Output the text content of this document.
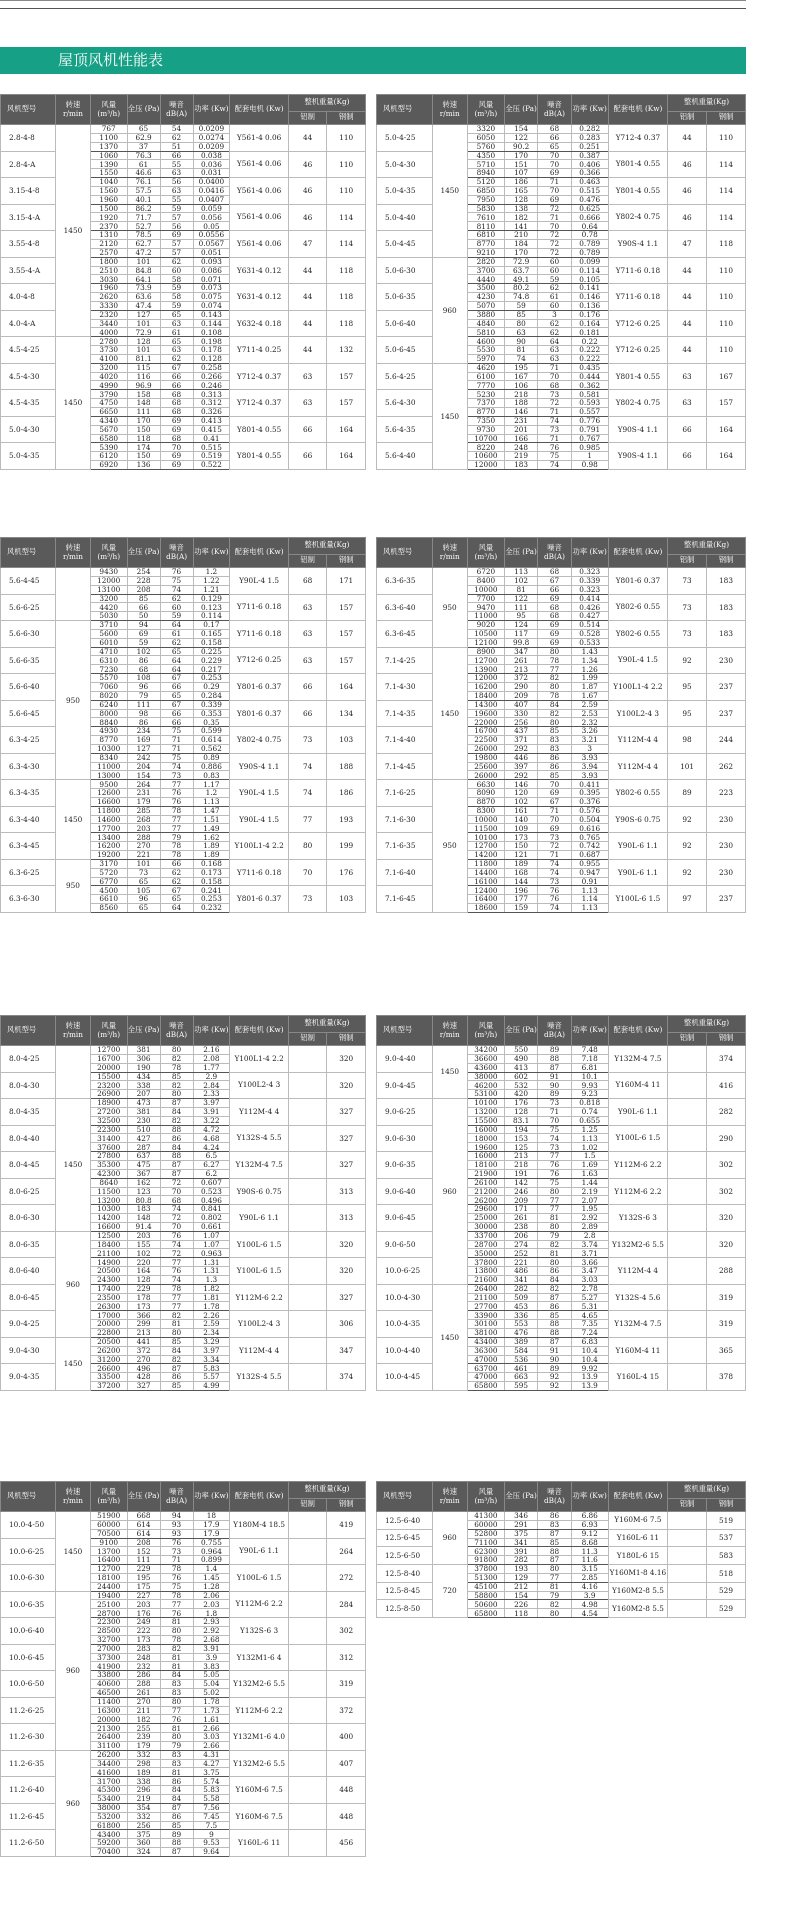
屋顶风机性能表
风机型号	转速 r/min	风量 (m³/h)	全压 (Pa)	噪音 dB(A)	功率 (Kw)	配套电机 (Kw)	整机重量(Kg)	
							铝制	钢制
2.8-4-8	1450	767	65	54	0.0209	Y561-4 0.06	44	110
		1100	62.9	62	0.0274			
		1370	37	51	0.0209			
2.8-4-A		1060	76.3	66	0.038	Y561-4 0.06	46	110
		1390	61	55	0.036			
		1550	46.6	63	0.031			
3.15-4-8		1040	76.1	56	0.0400	Y561-4 0.06	46	110
		1560	57.5	63	0.0416			
		1960	40.1	55	0.0407			
3.15-4-A		1500	86.2	59	0.059	Y561-4 0.06	46	114
		1920	71.7	57	0.056			
		2370	52.7	56	0.05			
3.55-4-8		1310	78.5	69	0.0556	Y561-4 0.06	47	114
		2120	62.7	57	0.0567			
		2570	47.2	57	0.051			
3.55-4-A		1800	101	62	0.093	Y631-4 0.12	44	118
		2510	84.8	60	0.086			
		3030	64.1	58	0.071			
4.0-4-8		1960	73.9	59	0.073	Y631-4 0.12	44	118
		2620	63.6	58	0.075			
		3330	47.4	59	0.074			
4.0-4-A		2320	127	65	0.143	Y632-4 0.18	44	118
		3440	101	63	0.144			
		4000	72.9	61	0.108			
4.5-4-25	1450	2780	128	65	0.198	Y711-4 0.25	44	132
		3730	101	63	0.178			
		4100	81.1	62	0.128			
4.5-4-30		3200	115	67	0.258	Y712-4 0.37	63	157
		4020	116	66	0.266			
		4990	96.9	66	0.246			
4.5-4-35		3790	158	68	0.313	Y712-4 0.37	63	157
		4750	148	68	0.312			
		6650	111	68	0.326			
5.0-4-30		4340	170	69	0.413	Y801-4 0.55	66	164
		5670	150	69	0.415			
		6580	118	68	0.41			
5.0-4-35		5390	174	70	0.515	Y801-4 0.55	66	164
		6120	150	69	0.519			
		6920	136	69	0.522			
风机型号	转速 r/min	风量 (m³/h)	全压 (Pa)	噪音 dB(A)	功率 (Kw)	配套电机 (Kw)	整机重量(Kg)	
							铝制	钢制
5.0-4-25	1450	3320	154	68	0.282	Y712-4 0.37	44	110
		6050	122	66	0.283			
		5760	90.2	65	0.251			
5.0-4-30		4350	170	70	0.387	Y801-4 0.55	46	114
		5710	151	70	0.406			
		8940	107	69	0.366			
5.0-4-35		5120	186	71	0.463	Y801-4 0.55	46	114
		6850	165	70	0.515			
		7950	128	69	0.476			
5.0-4-40		5830	138	72	0.625	Y802-4 0.75	46	114
		7610	182	71	0.666			
		8110	141	70	0.64			
5.0-4-45		6810	210	72	0.78	Y90S-4 1.1	47	118
		8770	184	72	0.789			
		9210	170	72	0.789			
5.0-6-30	960	2820	72.9	60	0.099	Y711-6 0.18	44	110
		3700	63.7	60	0.114			
		4440	49.1	59	0.105			
5.0-6-35		3500	80.2	62	0.141	Y711-6 0.18	44	110
		4230	74.8	61	0.146			
		5070	59	60	0.136			
5.0-6-40		3880	85	3	0.176	Y712-6 0.25	44	110
		4840	80	62	0.164			
		5810	63	62	0.181			
5.0-6-45		4600	90	64	0.22	Y712-6 0.25	44	110
		5530	81	63	0.222			
		5970	74	63	0.222			
5.6-4-25	1450	4620	195	71	0.435	Y801-4 0.55	63	167
		6100	167	70	0.444			
		7770	106	68	0.362			
5.6-4-30		5230	218	73	0.581	Y802-4 0.75	63	157
		7370	188	72	0.593			
		8770	146	71	0.557			
5.6-4-35		7350	231	74	0.776	Y90S-4 1.1	66	164
		9730	201	73	0.791			
		10700	166	71	0.767			
5.6-4-40		8220	248	76	0.985	Y90S-4 1.1	66	164
		10600	219	75	1			
		12000	183	74	0.98			
风机型号	转速 r/min	风量 (m³/h)	全压 (Pa)	噪音 dB(A)	功率 (Kw)	配套电机 (Kw)	整机重量(Kg)	
							铝制	钢制
5.6-4-45		9430	254	76	1.2	Y90L-4 1.5	68	171
		12000	228	75	1.22			
		13100	208	74	1.21			
5.6-6-25		3200	85	62	0.129	Y711-6 0.18	63	157
		4420	66	60	0.123			
		5030	50	59	0.114			
5.6-6-30	950	3710	94	64	0.17	Y711-6 0.18	63	157
		5600	69	61	0.165			
		6010	59	62	0.158			
5.6-6-35		4710	102	65	0.225	Y712-6 0.25	63	157
		6310	86	64	0.229			
		7230	68	64	0.217			
5.6-6-40		5570	108	67	0.253	Y801-6 0.37	66	164
		7060	96	66	0.29			
		8020	79	65	0.284			
5.6-6-45		6240	111	67	0.339	Y801-6 0.37	66	134
		8000	98	66	0.353			
		8840	86	66	0.35			
6.3-4-25		4930	234	75	0.599	Y802-4 0.75	73	103
		8770	169	71	0.614			
		10300	127	71	0.562			
6.3-4-30		8340	242	75	0.89	Y90S-4 1.1	74	188
		11000	204	74	0.886			
		13000	154	73	0.83			
6.3-4-35	1450	9500	264	77	1.17	Y90L-4 1.5	74	186
		12600	231	76	1.2			
		16600	179	76	1.13			
6.3-4-40		11800	285	78	1.47	Y90L-4 1.5	77	193
		14600	268	77	1.51			
		17700	203	77	1.49			
6.3-4-45		13400	288	79	1.62	Y100L1-4 2.2	80	199
		16200	270	78	1.89			
		19200	221	78	1.89			
6.3-6-25	950	3170	101	66	0.168	Y711-6 0.18	70	176
		5720	73	62	0.173			
		6770	65	62	0.158			
6.3-6-30		4500	105	67	0.241	Y801-6 0.37	73	103
		6610	96	65	0.253			
		8560	65	64	0.232			
风机型号	转速 r/min	风量 (m³/h)	全压 (Pa)	噪音 dB(A)	功率 (Kw)	配套电机 (Kw)	整机重量(Kg)	
							铝制	钢制
6.3-6-35	950	6720	113	68	0.323	Y801-6 0.37	73	183
		8400	102	67	0.339			
		10000	81	66	0.323			
6.3-6-40		7700	122	69	0.414	Y802-6 0.55	73	183
		9470	111	68	0.426			
		11000	95	68	0.427			
6.3-6-45		9020	124	69	0.514	Y802-6 0.55	73	183
		10500	117	69	0.528			
		12100	99.8	69	0.533			
7.1-4-25	1450	8900	347	80	1.43	Y90L-4 1.5	92	230
		12700	261	78	1.34			
		13900	213	77	1.26			
7.1-4-30		12000	372	82	1.99	Y100L1-4 2.2	95	237
		16200	290	80	1.87			
		18400	209	78	1.67			
7.1-4-35		14300	407	84	2.59	Y100L2-4 3	95	237
		19600	330	82	2.53			
		22000	256	80	2.32			
7.1-4-40		16700	437	85	3.26	Y112M-4 4	98	244
		22500	371	83	3.21			
		26000	292	83	3			
7.1-4-45		19800	446	86	3.93	Y112M-4 4	101	262
		25600	397	86	3.94			
		26000	292	85	3.93			
7.1-6-25	950	6630	146	70	0.411	Y802-6 0.55	89	223
		8090	120	69	0.395			
		8870	102	67	0.376			
7.1-6-30		8300	161	71	0.576	Y90S-6 0.75	92	230
		10000	140	70	0.504			
		11500	109	69	0.616			
7.1-6-35		10100	173	73	0.765	Y90L-6 1.1	92	230
		12700	150	72	0.742			
		14200	121	71	0.687			
7.1-6-40		11800	189	74	0.955	Y90L-6 1.1	92	230
		14400	168	74	0.947			
		16100	144	73	0.91			
7.1-6-45		12400	196	76	1.13	Y100L-6 1.5	97	237
		16400	177	76	1.14			
		18600	159	74	1.13			
风机型号	转速 r/min	风量 (m³/h)	全压 (Pa)	噪音 dB(A)	功率 (Kw)	配套电机 (Kw)	整机重量(Kg)	
							铝制	钢制
8.0-4-25		12700	381	80	2.16	Y100L1-4 2.2		320
		16700	306	82	2.08			
		20000	190	78	1.77			
8.0-4-30		15500	434	85	2.9	Y100L2-4 3		320
		23200	338	82	2.84			
		26900	207	80	2.33			
8.0-4-35	1450	18900	473	87	3.97	Y112M-4 4		327
		27200	381	84	3.91			
		32500	230	82	3.22			
8.0-4-40		22300	510	88	4.72	Y132S-4 5.5		327
		31400	427	86	4.68			
		37600	287	84	4.24			
8.0-4-45		27800	637	88	6.5	Y132M-4 7.5		327
		35300	475	87	6.27			
		42300	367	87	6.2			
8.0-6-25		8640	162	72	0.607	Y90S-6 0.75		313
		11500	123	70	0.523			
		13200	80.8	68	0.496			
8.0-6-30		10300	183	74	0.841	Y90L-6 1.1		313
		14200	148	72	0.802			
		16600	91.4	70	0.661			
8.0-6-35	960	12500	203	76	1.07	Y100L-6 1.5		320
		18400	155	74	1.07			
		21100	102	72	0.963			
8.0-6-40		14900	220	77	1.31	Y100L-6 1.5		320
		20500	164	76	1.31			
		24300	128	74	1.3			
8.0-6-45		17400	229	78	1.82	Y112M-6 2.2		327
		23500	178	77	1.81			
		26300	173	77	1.78			
9.0-4-25		17000	366	82	2.26	Y100L2-4 3		306
		20000	299	81	2.59			
		22800	213	80	2.34			
9.0-4-30	1450	20500	441	85	3.29	Y112M-4 4		347
		26200	372	84	3.97			
		31200	270	82	3.34			
9.0-4-35		26600	496	87	5.83	Y132S-4 5.5		374
		33500	428	86	5.57			
		37200	327	85	4.99			
风机型号	转速 r/min	风量 (m³/h)	全压 (Pa)	噪音 dB(A)	功率 (Kw)	配套电机 (Kw)	整机重量(Kg)	
							铝制	钢制
9.0-4-40	1450	34200	550	89	7.48	Y132M-4 7.5		374
		36600	490	88	7.18			
		43600	413	87	6.81			
9.0-4-45		38000	602	91	10.1	Y160M-4 11		416
		46200	532	90	9.93			
		53100	420	89	9.23			
9.0-6-25	960	10100	176	73	0.818	Y90L-6 1.1		282
		13200	128	71	0.74			
		15500	83.1	70	0.655			
9.0-6-30		16000	194	75	1.25	Y100L-6 1.5		290
		18000	153	74	1.13			
		19600	125	73	1.02			
9.0-6-35		16000	213	77	1.5	Y112M-6 2.2		302
		18100	218	76	1.69			
		21900	191	76	1.63			
9.0-6-40		26100	142	75	1.44	Y112M-6 2.2		302
		21200	246	80	2.19			
		26200	209	77	2.07			
9.0-6-45		29600	171	77	1.95	Y132S-6 3		320
		25000	261	81	2.92			
		30000	238	80	2.89			
9.0-6-50		33700	206	79	2.8	Y132M2-6 5.5		320
		28700	274	82	3.74			
		35000	252	81	3.71			
10.0-6-25		37800	221	80	3.66	Y112M-4 4		288
		13800	486	86	3.47			
		21600	341	84	3.03			
10.0-4-30	1450	26400	282	82	2.78	Y132S-4 5.6		319
		21100	509	87	5.27			
		27700	453	86	5.31			
10.0-4-35		33900	336	85	4.65	Y132M-4 7.5		319
		30100	553	88	7.35			
		38100	476	88	7.24			
10.0-4-40		43400	389	87	6.83	Y160M-4 11		365
		36300	584	91	10.4			
		47000	536	90	10.4			
10.0-4-45		63700	461	89	9.92	Y160L-4 15		378
		47000	663	92	13.9			
		65800	595	92	13.9			
风机型号	转速 r/min	风量 (m³/h)	全压 (Pa)	噪音 dB(A)	功率 (Kw)	配套电机 (Kw)	整机重量(Kg)	
							铝制	钢制
10.0-4-50	1450	51900	668	94	18	Y180M-4 18.5		419
		60000	614	93	17.9			
		70500	614	93	17.9			
10.0-6-25		9100	208	76	0.755	Y90L-6 1.1		264
		13700	152	73	0.964			
		16400	111	71	0.899			
10.0-6-30		12700	229	78	1.4	Y100L-6 1.5		272
		18100	195	76	1.45			
		24400	175	75	1.28			
10.0-6-35	960	19400	227	78	2.06	Y112M-6 2.2		284
		25100	203	77	2.03			
		28700	176	76	1.8			
10.0-6-40		22300	249	81	2.93	Y132S-6 3		302
		28500	222	80	2.92			
		32700	173	78	2.68			
10.0-6-45		27000	283	82	3.91	Y132M1-6 4		312
		37300	248	81	3.9			
		41900	232	81	3.83			
10.0-6-50		33800	286	84	5.05	Y132M2-6 5.5		319
		40600	288	83	5.04			
		46500	261	83	5.02			
11.2-6-25		11400	270	80	1.78	Y112M-6 2.2		372
		16300	211	77	1.73			
		20000	182	76	1.61			
11.2-6-30		21300	255	81	2.66	Y132M1-6 4.0		400
		26400	239	80	3.03			
		31100	179	79	2.66			
11.2-6-35	960	26200	332	83	4.31	Y132M2-6 5.5		407
		34400	298	83	4.27			
		41600	189	81	3.75			
11.2-6-40		31700	338	86	5.74	Y160M-6 7.5		448
		45300	296	84	5.83			
		53400	219	84	5.58			
11.2-6-45		38000	354	87	7.56	Y160M-6 7.5		448
		53200	332	86	7.45			
		61800	256	85	7.5			
11.2-6-50		43400	375	89	9	Y160L-6 11		456
		59200	360	88	9.53			
		70400	324	87	9.64			
风机型号	转速 r/min	风量 (m³/h)	全压 (Pa)	噪音 dB(A)	功率 (Kw)	配套电机 (Kw)	整机重量(Kg)	
							铝制	钢制
12.5-6-40	960	41300	346	86	6.86	Y160M-6 7.5		519
		60000	291	83	6.93			
12.5-6-45		52800	375	87	9.12	Y160L-6 11		537
		71100	341	85	8.68			
12.5-6-50		62300	391	88	11.3	Y180L-6 15		583
		91800	282	87	11.6			
12.5-8-40	720	37800	193	80	3.15	Y160M1-8 4.16		518
		51300	129	77	2.85			
12.5-8-45		45100	212	81	4.16	Y160M2-8 5.5		529
		58800	154	79	3.9			
12.5-8-50		50600	226	82	4.98	Y160M2-8 5.5		529
		65800	118	80	4.54			
